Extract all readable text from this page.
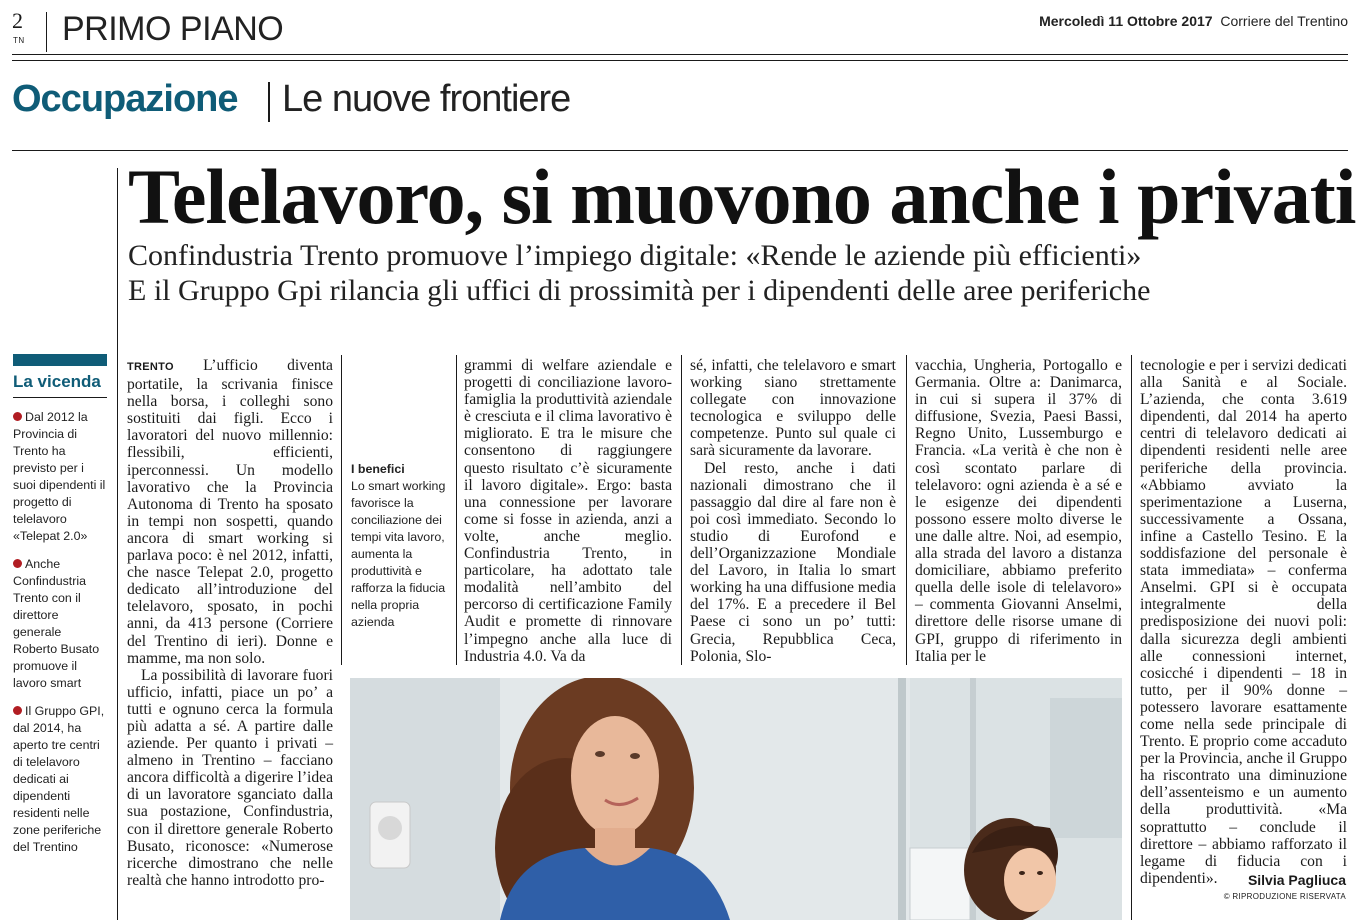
2
TN PRIMO PIANO	Mercoledì 11 Ottobre 2017 Corriere del Trentino
Occupazione Le nuove frontiere
Telelavoro, si muovono anche i privati
Confindustria Trento promuove l’impiego digitale: «Rende le aziende più efficienti»
E il Gruppo Gpi rilancia gli uffici di prossimità per i dipendenti delle aree periferiche
La vicenda
Dal 2012 la Provincia di Trento ha previsto per i suoi dipendenti il progetto di telelavoro «Telepat 2.0»
Anche Confindustria Trento con il direttore generale Roberto Busato promuove il lavoro smart
Il Gruppo GPI, dal 2014, ha aperto tre centri di telelavoro dedicati ai dipendenti residenti nelle zone periferiche del Trentino

TRENTO L’ufficio diventa portatile, la scrivania finisce nella borsa, i colleghi sono sostituiti dai figli. Ecco i lavoratori del nuovo millennio: flessibili, efficienti, iperconnessi. Un modello lavorativo che la Provincia Autonoma di Trento ha sposato in tempi non sospetti, quando ancora di smart working si parlava poco: è nel 2012, infatti, che nasce Telepat 2.0, progetto dedicato all’introduzione del telelavoro, sposato, in pochi anni, da 413 persone (Corriere del Trentino di ieri). Donne e mamme, ma non solo.

La possibilità di lavorare fuori ufficio, infatti, piace un po’ a tutti e ognuno cerca la formula più adatta a sé. A partire dalle aziende. Per quanto i privati – almeno in Trentino – facciano ancora difficoltà a digerire l’idea di un lavoratore sganciato dalla sua postazione, Confindustria, con il direttore generale Roberto Busato, riconosce: «Numerose ricerche dimostrano che nelle realtà che hanno introdotto pro-

I benefici
Lo smart working favorisce la conciliazione dei tempi vita lavoro, aumenta la produttività e rafforza la fiducia nella propria azienda

grammi di welfare aziendale e progetti di conciliazione lavoro-famiglia la produttività aziendale è cresciuta e il clima lavorativo è migliorato. E tra le misure che consentono di raggiungere questo risultato c’è sicuramente il lavoro digitale». Ergo: basta una connessione per lavorare come si fosse in azienda, anzi a volte, anche meglio. Confindustria Trento, in particolare, ha adottato tale modalità nell’ambito del percorso di certificazione Family Audit e promette di rinnovare l’impegno anche alla luce di Industria 4.0. Va da

sé, infatti, che telelavoro e smart working siano strettamente collegate con innovazione tecnologica e sviluppo delle competenze. Punto sul quale ci sarà sicuramente da lavorare.

Del resto, anche i dati nazionali dimostrano che il passaggio dal dire al fare non è poi così immediato. Secondo lo studio di Eurofond e dell’Organizzazione Mondiale del Lavoro, in Italia lo smart working ha una diffusione media del 17%. E a precedere il Bel Paese ci sono un po’ tutti: Grecia, Repubblica Ceca, Polonia, Slo-

vacchia, Ungheria, Portogallo e Germania. Oltre a: Danimarca, in cui si supera il 37% di diffusione, Svezia, Paesi Bassi, Regno Unito, Lussemburgo e Francia. «La verità è che non è così scontato parlare di telelavoro: ogni azienda è a sé e le esigenze dei dipendenti possono essere molto diverse le une dalle altre. Noi, ad esempio, alla strada del lavoro a distanza domiciliare, abbiamo preferito quella delle isole di telelavoro» – commenta Giovanni Anselmi, direttore delle risorse umane di GPI, gruppo di riferimento in Italia per le

tecnologie e per i servizi dedicati alla Sanità e al Sociale. L’azienda, che conta 3.619 dipendenti, dal 2014 ha aperto centri di telelavoro dedicati ai dipendenti residenti nelle aree periferiche della provincia. «Abbiamo avviato la sperimentazione a Luserna, successivamente a Ossana, infine a Castello Tesino. E la soddisfazione del personale è stata immediata» – conferma Anselmi. GPI si è occupata integralmente della predisposizione dei nuovi poli: dalla sicurezza degli ambienti alle connessioni internet, cosicché i dipendenti – 18 in tutto, per il 90% donne – potessero lavorare esattamente come nella sede principale di Trento. E proprio come accaduto per la Provincia, anche il Gruppo ha riscontrato una diminuzione dell’assenteismo e un aumento della produttività. «Ma soprattutto – conclude il direttore – abbiamo rafforzato il legame di fiducia con i dipendenti».	Silvia Pagliuca
© RIPRODUZIONE RISERVATA
